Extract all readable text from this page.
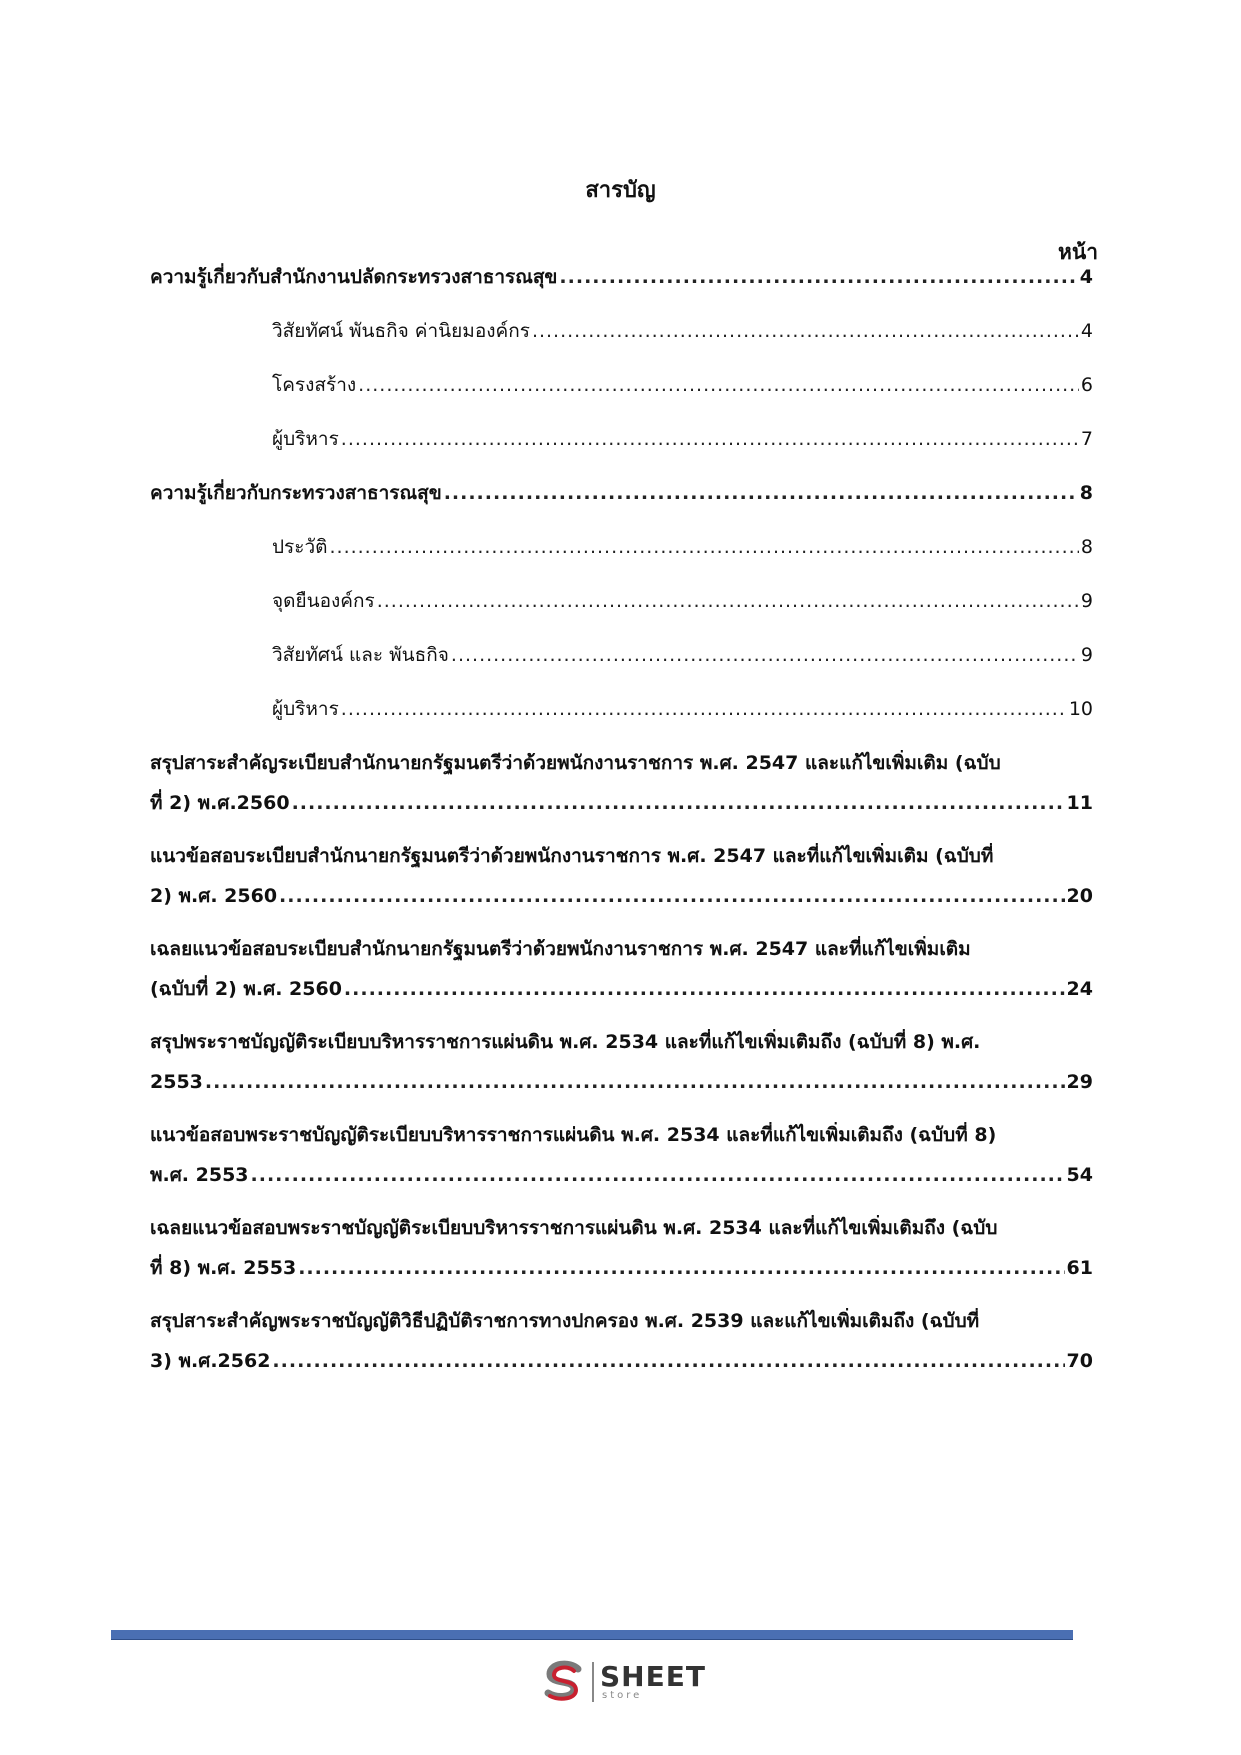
สารบัญ
หน้า
ความรู้เกี่ยวกับสำนักงานปลัดกระทรวงสาธารณสุข .....	4
วิสัยทัศน์ พันธกิจ ค่านิยมองค์กร .....	4
โครงสร้าง .....	6
ผู้บริหาร .....	7
ความรู้เกี่ยวกับกระทรวงสาธารณสุข .....	8
ประวัติ .....	8
จุดยืนองค์กร .....	9
วิสัยทัศน์ และ พันธกิจ .....	9
ผู้บริหาร .....	10
สรุปสาระสำคัญระเบียบสำนักนายกรัฐมนตรีว่าด้วยพนักงานราชการ พ.ศ. 2547 และแก้ไขเพิ่มเติม (ฉบับ
ที่ 2) พ.ศ.2560 .....	11
แนวข้อสอบระเบียบสำนักนายกรัฐมนตรีว่าด้วยพนักงานราชการ พ.ศ. 2547 และที่แก้ไขเพิ่มเติม (ฉบับที่
2) พ.ศ. 2560 .....	20
เฉลยแนวข้อสอบระเบียบสำนักนายกรัฐมนตรีว่าด้วยพนักงานราชการ พ.ศ. 2547 และที่แก้ไขเพิ่มเติม
(ฉบับที่ 2) พ.ศ. 2560 .....	24
สรุปพระราชบัญญัติระเบียบบริหารราชการแผ่นดิน พ.ศ. 2534 และที่แก้ไขเพิ่มเติมถึง (ฉบับที่ 8) พ.ศ.
2553 .....	29
แนวข้อสอบพระราชบัญญัติระเบียบบริหารราชการแผ่นดิน พ.ศ. 2534 และที่แก้ไขเพิ่มเติมถึง (ฉบับที่ 8)
พ.ศ. 2553 .....	54
เฉลยแนวข้อสอบพระราชบัญญัติระเบียบบริหารราชการแผ่นดิน พ.ศ. 2534 และที่แก้ไขเพิ่มเติมถึง (ฉบับ
ที่ 8) พ.ศ. 2553 .....	61
สรุปสาระสำคัญพระราชบัญญัติวิธีปฏิบัติราชการทางปกครอง พ.ศ. 2539 และแก้ไขเพิ่มเติมถึง (ฉบับที่
3) พ.ศ.2562 .....	70
SHEET
store
